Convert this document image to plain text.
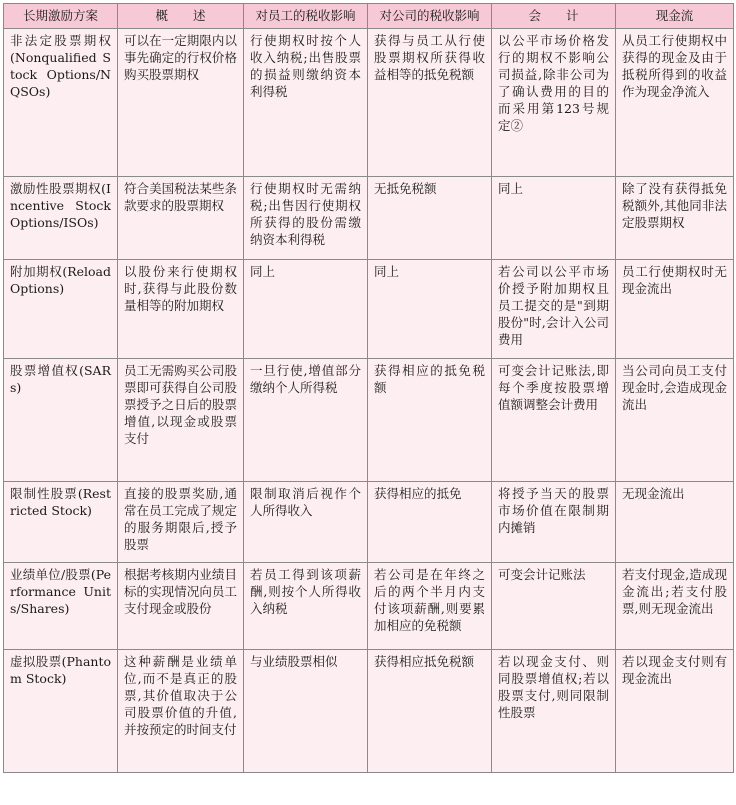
长期激励方案	概　　述	对员工的税收影响	对公司的税收影响	会　　计	现金流
非法定股票期权(Nonqualified Stock Options/NQSOs)	可以在一定期限内以事先确定的行权价格购买股票期权	行使期权时按个人收入纳税;出售股票的损益则缴纳资本利得税	获得与员工从行使股票期权所获得收益相等的抵免税额	以公平市场价格发行的期权不影响公司损益,除非公司为了确认费用的目的而采用第123号规定②	从员工行使期权中获得的现金及由于抵税所得到的收益作为现金净流入
激励性股票期权(Incentive Stock Options/ISOs)	符合美国税法某些条款要求的股票期权	行使期权时无需纳税;出售因行使期权所获得的股份需缴纳资本利得税	无抵免税额	同上	除了没有获得抵免税额外,其他同非法定股票期权
附加期权(Reload Options)	以股份来行使期权时,获得与此股份数量相等的附加期权	同上	同上	若公司以公平市场价授予附加期权且员工提交的是"到期股份"时,会计入公司费用	员工行使期权时无现金流出
股票增值权(SARs)	员工无需购买公司股票即可获得自公司股票授予之日后的股票增值,以现金或股票支付	一旦行使,增值部分缴纳个人所得税	获得相应的抵免税额	可变会计记账法,即每个季度按股票增值额调整会计费用	当公司向员工支付现金时,会造成现金流出
限制性股票(Restricted Stock)	直接的股票奖励,通常在员工完成了规定的服务期限后,授予股票	限制取消后视作个人所得收入	获得相应的抵免	将授予当天的股票市场价值在限制期内摊销	无现金流出
业绩单位/股票(Performance Units/Shares)	根据考核期内业绩目标的实现情况向员工支付现金或股份	若员工得到该项薪酬,则按个人所得收入纳税	若公司是在年终之后的两个半月内支付该项薪酬,则要累加相应的免税额	可变会计记账法	若支付现金,造成现金流出;若支付股票,则无现金流出
虚拟股票(Phantom Stock)	这种薪酬是业绩单位,而不是真正的股票,其价值取决于公司股票价值的升值,并按预定的时间支付	与业绩股票相似	获得相应抵免税额	若以现金支付、则同股票增值权;若以股票支付,则同限制性股票	若以现金支付则有现金流出
